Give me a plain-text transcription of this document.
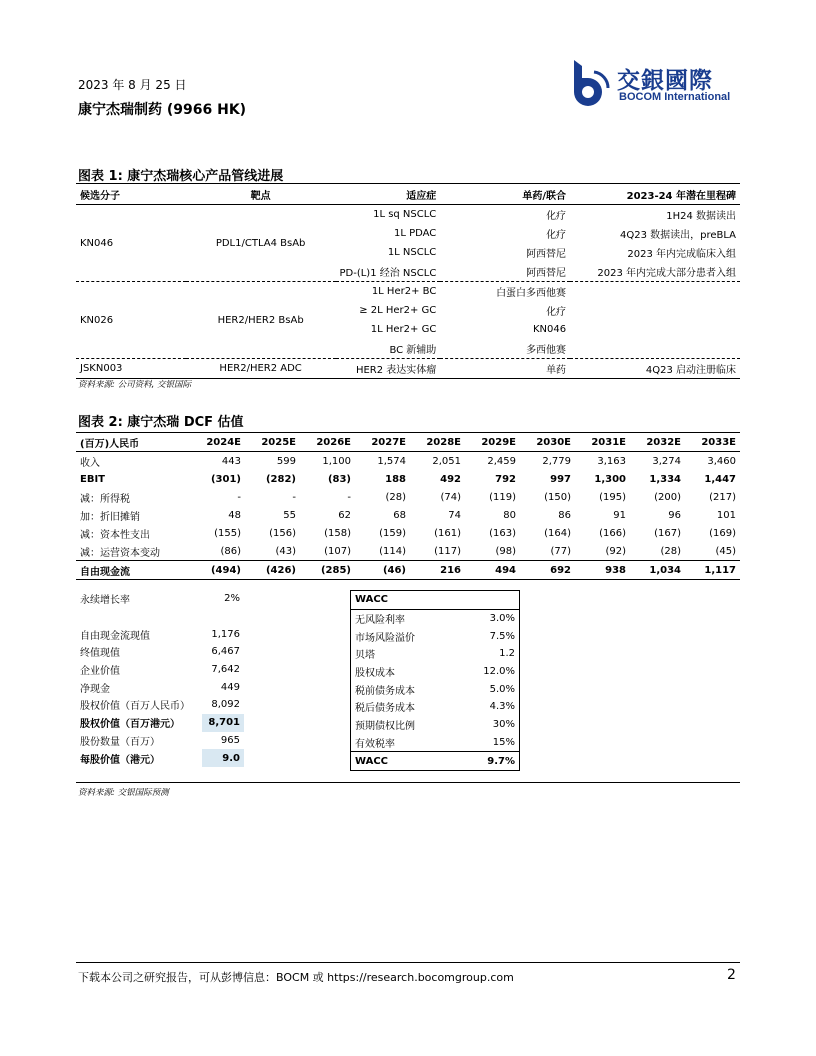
2023 年 8 月 25 日
康宁杰瑞制药 (9966 HK)
交銀國際
BOCOM International
图表 1: 康宁杰瑞核心产品管线进展
候选分子	靶点	适应症	单药/联合	2023-24 年潜在里程碑
KN046	PDL1/CTLA4 BsAb	1L sq NSCLC	化疗	1H24 数据读出
		1L PDAC	化疗	4Q23 数据读出，preBLA
		1L NSCLC	阿西替尼	2023 年内完成临床入组
		PD-(L)1 经治 NSCLC	阿西替尼	2023 年内完成大部分患者入组
KN026	HER2/HER2 BsAb	1L Her2+ BC	白蛋白多西他赛	
		≥ 2L Her2+ GC	化疗	
		1L Her2+ GC	KN046	
		BC 新辅助	多西他赛	
JSKN003	HER2/HER2 ADC	HER2 表达实体瘤	单药	4Q23 启动注册临床
资料来源: 公司资料, 交银国际
图表 2: 康宁杰瑞 DCF 估值
(百万)人民币	2024E	2025E	2026E	2027E	2028E	2029E	2030E	2031E	2032E	2033E
收入	443	599	1,100	1,574	2,051	2,459	2,779	3,163	3,274	3,460
EBIT	(301)	(282)	(83)	188	492	792	997	1,300	1,334	1,447
减：所得税	-	-	-	(28)	(74)	(119)	(150)	(195)	(200)	(217)
加：折旧摊销	48	55	62	68	74	80	86	91	96	101
减：资本性支出	(155)	(156)	(158)	(159)	(161)	(163)	(164)	(166)	(167)	(169)
减：运营资本变动	(86)	(43)	(107)	(114)	(117)	(98)	(77)	(92)	(28)	(45)
自由现金流	(494)	(426)	(285)	(46)	216	494	692	938	1,034	1,117
永续增长率	2%

自由现金流现值	1,176
终值现值	6,467
企业价值	7,642
净现金	449
股权价值（百万人民币）	8,092
股权价值（百万港元）	8,701
股份数量（百万）	965
每股价值（港元）	9.0
WACC	
无风险利率	3.0%
市场风险溢价	7.5%
贝塔	1.2
股权成本	12.0%
税前债务成本	5.0%
税后债务成本	4.3%
预期债权比例	30%
有效税率	15%
WACC	9.7%
资料来源: 交银国际预测
下载本公司之研究报告，可从彭博信息：BOCM 或 https://research.bocomgroup.com	2
